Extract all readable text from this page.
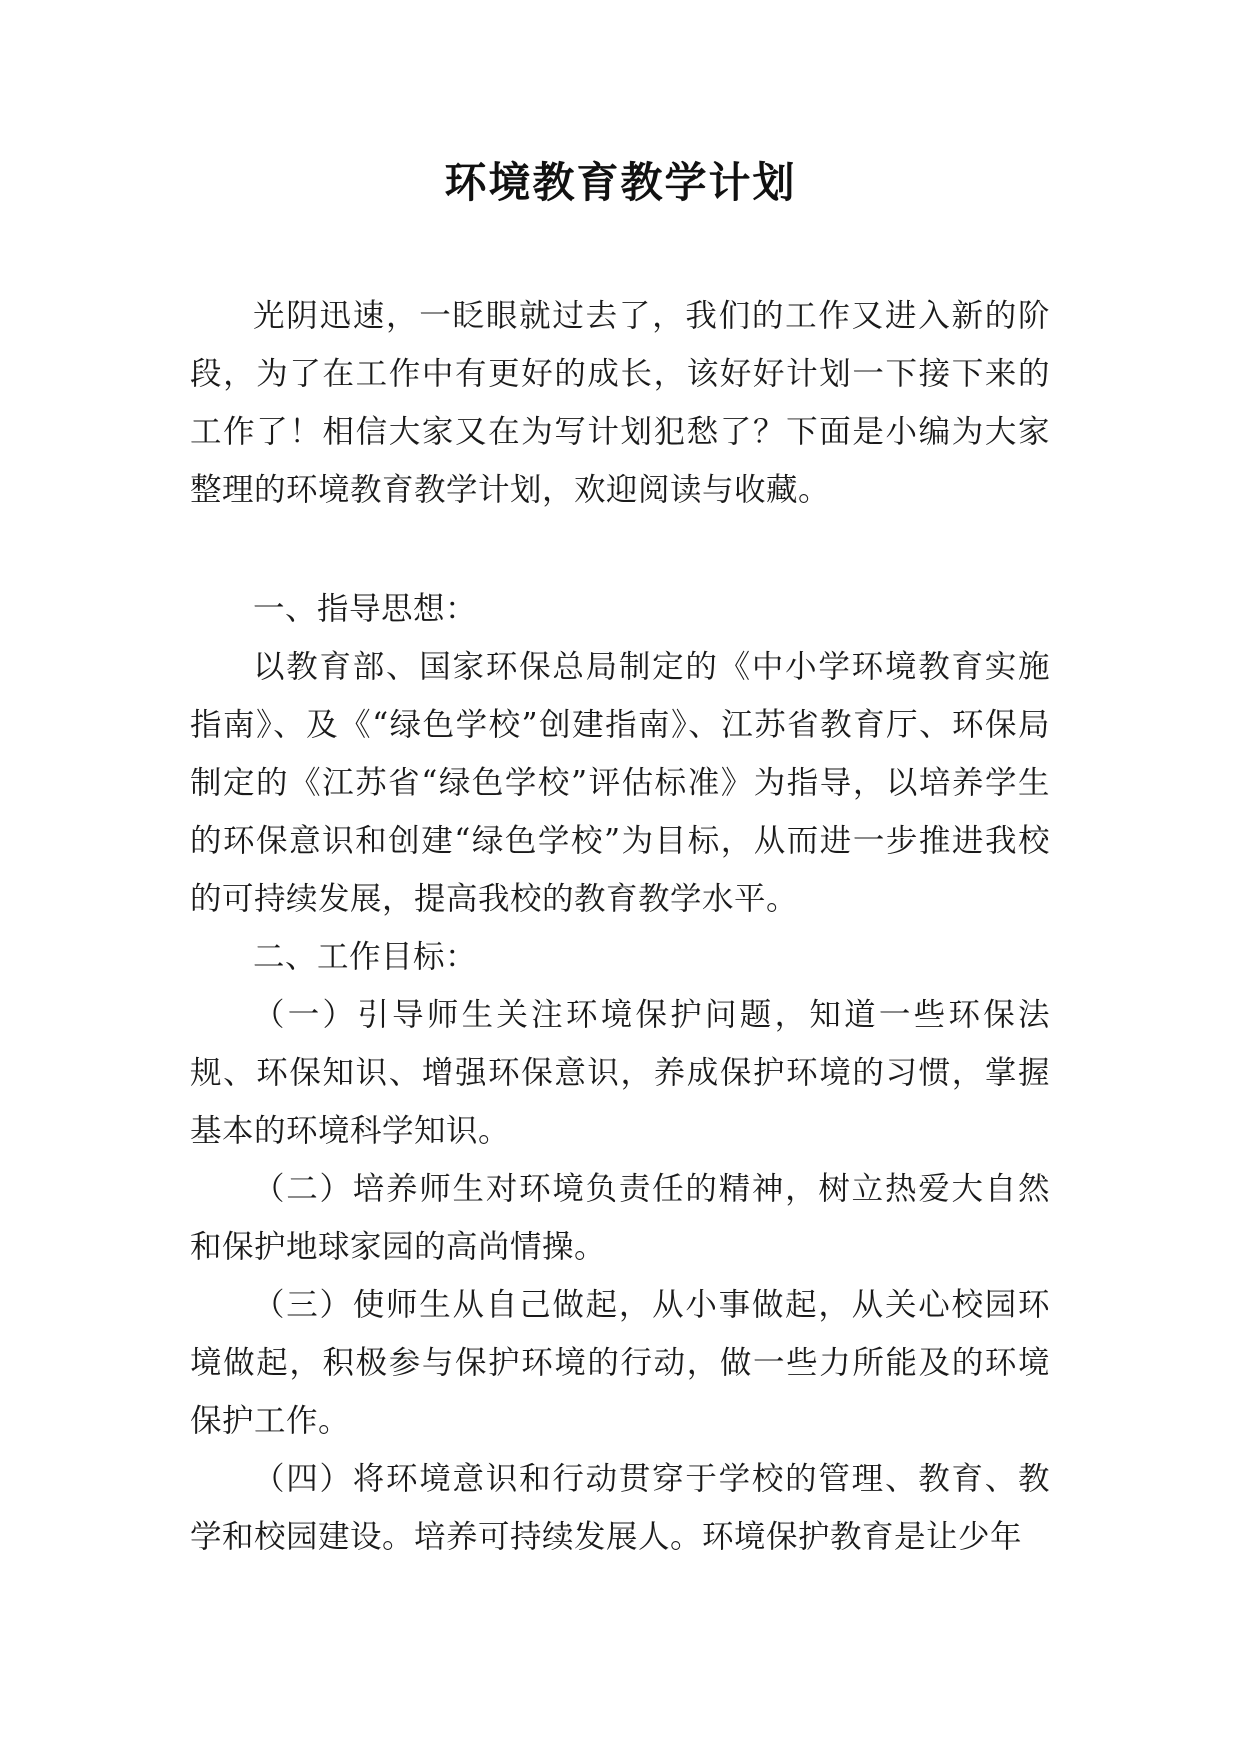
环境教育教学计划

光阴迅速，一眨眼就过去了，我们的工作又进入新的阶段，为了在工作中有更好的成长，该好好计划一下接下来的工作了！相信大家又在为写计划犯愁了？下面是小编为大家整理的环境教育教学计划，欢迎阅读与收藏。

一、指导思想：

以教育部、国家环保总局制定的《中小学环境教育实施指南》、及《“绿色学校”创建指南》、江苏省教育厅、环保局制定的《江苏省“绿色学校”评估标准》为指导，以培养学生的环保意识和创建“绿色学校”为目标，从而进一步推进我校的可持续发展，提高我校的教育教学水平。

二、工作目标：

（一）引导师生关注环境保护问题，知道一些环保法规、环保知识、增强环保意识，养成保护环境的习惯，掌握基本的环境科学知识。

（二）培养师生对环境负责任的精神，树立热爱大自然和保护地球家园的高尚情操。

（三）使师生从自己做起，从小事做起，从关心校园环境做起，积极参与保护环境的行动，做一些力所能及的环境保护工作。

（四）将环境意识和行动贯穿于学校的管理、教育、教学和校园建设。培养可持续发展人。环境保护教育是让少年
